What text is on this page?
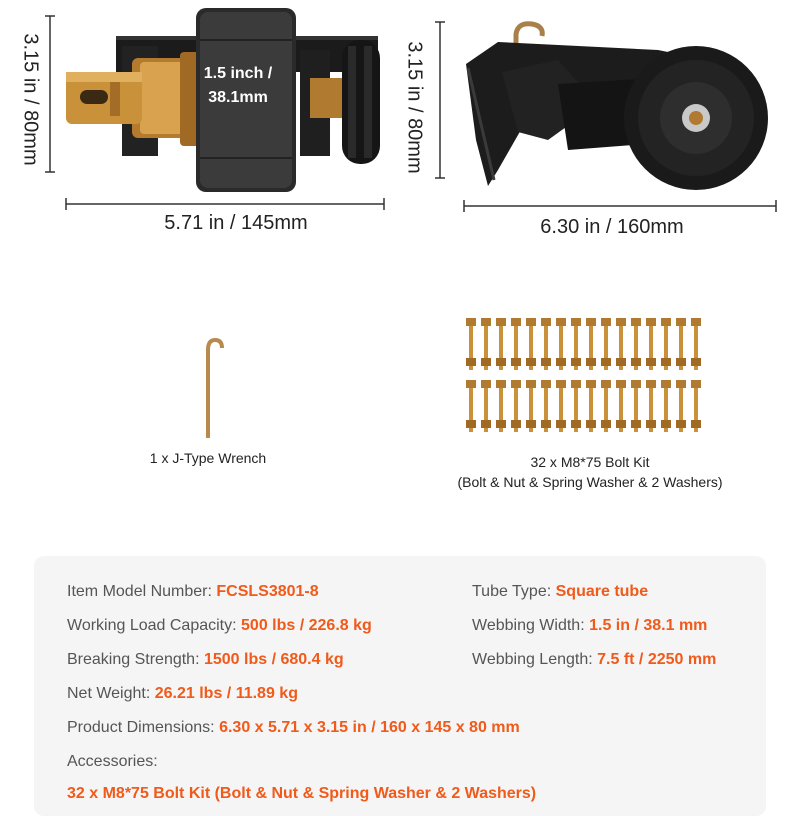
3.15 in / 80mm	1.5 inch /
38.1mm
5.71 in / 145mm
3.15 in / 80mm
6.30 in / 160mm
1 x J-Type Wrench	32 x M8*75 Bolt Kit
(Bolt & Nut & Spring Washer & 2 Washers)
Item Model Number: FCSLS3801-8	Tube Type: Square tube
Working Load Capacity: 500 lbs / 226.8 kg	Webbing Width: 1.5 in / 38.1 mm
Breaking Strength: 1500 lbs / 680.4 kg	Webbing Length: 7.5 ft / 2250 mm
Net Weight: 26.21 lbs / 11.89 kg
Product Dimensions: 6.30 x 5.71 x 3.15 in / 160 x 145 x 80 mm
Accessories:
32 x M8*75 Bolt Kit (Bolt & Nut & Spring Washer & 2 Washers)
